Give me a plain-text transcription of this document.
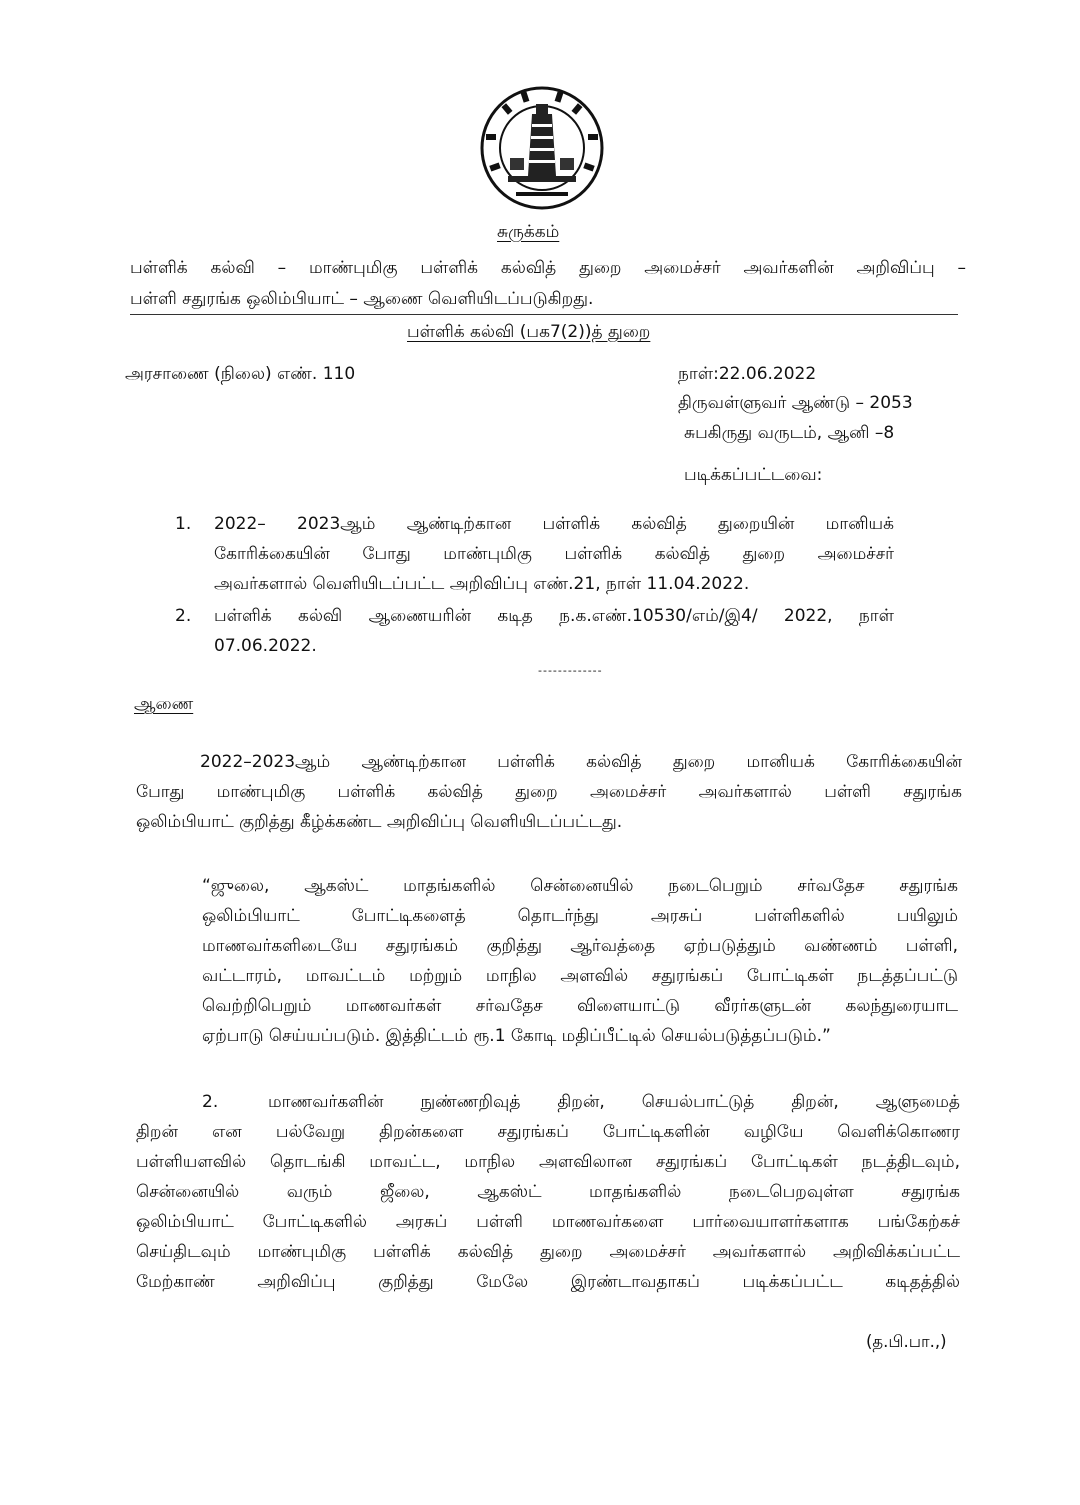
சுருக்கம்
பள்ளிக் கல்வி – மாண்புமிகு பள்ளிக் கல்வித் துறை அமைச்சர் அவர்களின் அறிவிப்பு –
பள்ளி சதுரங்க ஒலிம்பியாட் – ஆணை வெளியிடப்படுகிறது.
பள்ளிக் கல்வி (பக7(2))த் துறை
அரசாணை (நிலை) எண். 110	நாள்:22.06.2022
திருவள்ளுவர் ஆண்டு – 2053
சுபகிருது வருடம், ஆனி –8
படிக்கப்பட்டவை:
1. 2022– 2023ஆம் ஆண்டிற்கான பள்ளிக் கல்வித் துறையின் மானியக்
கோரிக்கையின் போது மாண்புமிகு பள்ளிக் கல்வித் துறை அமைச்சர்
அவர்களால் வெளியிடப்பட்ட அறிவிப்பு எண்.21, நாள் 11.04.2022.
2. பள்ளிக் கல்வி ஆணையரின் கடித ந.க.எண்.10530/எம்/இ4/ 2022, நாள்
07.06.2022.
-------------
ஆணை
2022–2023ஆம் ஆண்டிற்கான பள்ளிக் கல்வித் துறை மானியக் கோரிக்கையின்
போது மாண்புமிகு பள்ளிக் கல்வித் துறை அமைச்சர் அவர்களால் பள்ளி சதுரங்க
ஒலிம்பியாட் குறித்து கீழ்க்கண்ட அறிவிப்பு வெளியிடப்பட்டது.
“ஜுலை, ஆகஸ்ட் மாதங்களில் சென்னையில் நடைபெறும் சர்வதேச சதுரங்க
ஒலிம்பியாட் போட்டிகளைத் தொடர்ந்து அரசுப் பள்ளிகளில் பயிலும்
மாணவர்களிடையே சதுரங்கம் குறித்து ஆர்வத்தை ஏற்படுத்தும் வண்ணம் பள்ளி,
வட்டாரம், மாவட்டம் மற்றும் மாநில அளவில் சதுரங்கப் போட்டிகள் நடத்தப்பட்டு
வெற்றிபெறும் மாணவர்கள் சர்வதேச விளையாட்டு வீரர்களுடன் கலந்துரையாட
ஏற்பாடு செய்யப்படும். இத்திட்டம் ரூ.1 கோடி மதிப்பீட்டில் செயல்படுத்தப்படும்.”
2.	மாணவர்களின் நுண்ணறிவுத் திறன், செயல்பாட்டுத் திறன், ஆளுமைத்
திறன் என பல்வேறு திறன்களை சதுரங்கப் போட்டிகளின் வழியே வெளிக்கொணர
பள்ளியளவில் தொடங்கி மாவட்ட, மாநில அளவிலான சதுரங்கப் போட்டிகள் நடத்திடவும்,
சென்னையில் வரும் ஜீலை, ஆகஸ்ட் மாதங்களில் நடைபெறவுள்ள சதுரங்க
ஒலிம்பியாட் போட்டிகளில் அரசுப் பள்ளி மாணவர்களை பார்வையாளர்களாக பங்கேற்கச்
செய்திடவும் மாண்புமிகு பள்ளிக் கல்வித் துறை அமைச்சர் அவர்களால் அறிவிக்கப்பட்ட
மேற்காண் அறிவிப்பு குறித்து மேலே இரண்டாவதாகப் படிக்கப்பட்ட கடிதத்தில்
(த.பி.பா.,)
